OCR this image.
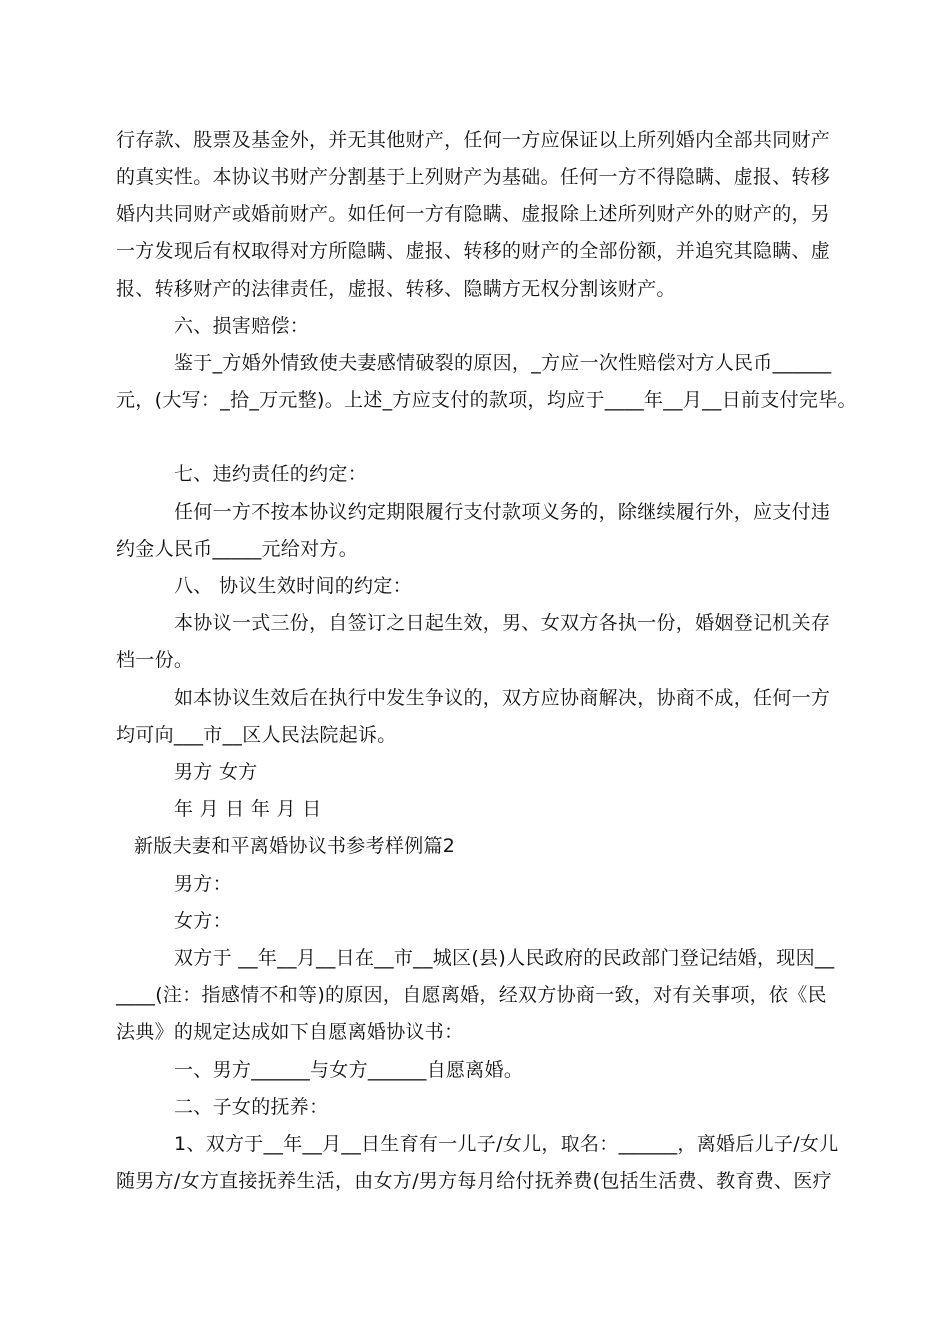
行存款、股票及基金外，并无其他财产，任何一方应保证以上所列婚内全部共同财产
的真实性。本协议书财产分割基于上列财产为基础。任何一方不得隐瞒、虚报、转移
婚内共同财产或婚前财产。如任何一方有隐瞒、虚报除上述所列财产外的财产的，另
一方发现后有权取得对方所隐瞒、虚报、转移的财产的全部份额，并追究其隐瞒、虚
报、转移财产的法律责任，虚报、转移、隐瞒方无权分割该财产。
六、损害赔偿：
鉴于_方婚外情致使夫妻感情破裂的原因，_方应一次性赔偿对方人民币______
元，(大写：_拾_万元整)。上述_方应支付的款项，均应于____年__月__日前支付完毕。
七、违约责任的约定：
任何一方不按本协议约定期限履行支付款项义务的，除继续履行外，应支付违
约金人民币_____元给对方。
八、 协议生效时间的约定：
本协议一式三份，自签订之日起生效，男、女双方各执一份，婚姻登记机关存
档一份。
如本协议生效后在执行中发生争议的，双方应协商解决，协商不成，任何一方
均可向___市__区人民法院起诉。
男方 女方
年 月 日 年 月 日
新版夫妻和平离婚协议书参考样例篇2
男方：
女方：
双方于 __年__月__日在__市__城区(县)人民政府的民政部门登记结婚，现因__
____(注：指感情不和等)的原因，自愿离婚，经双方协商一致，对有关事项，依《民
法典》的规定达成如下自愿离婚协议书：
一、男方______与女方______自愿离婚。
二、子女的抚养：
1、双方于__年__月__日生育有一儿子/女儿，取名：______，离婚后儿子/女儿
随男方/女方直接抚养生活，由女方/男方每月给付抚养费(包括生活费、教育费、医疗
